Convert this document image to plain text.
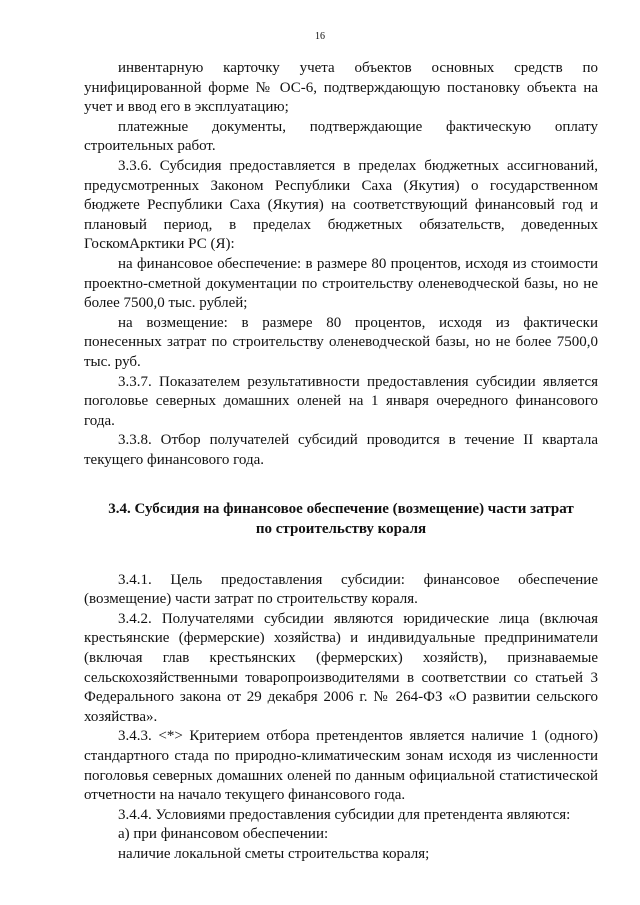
16

инвентарную карточку учета объектов основных средств по унифицированной форме № ОС-6, подтверждающую постановку объекта на учет и ввод его в эксплуатацию;

платежные документы, подтверждающие фактическую оплату строительных работ.

3.3.6. Субсидия предоставляется в пределах бюджетных ассигнований, предусмотренных Законом Республики Саха (Якутия) о государственном бюджете Республики Саха (Якутия) на соответствующий финансовый год и плановый период, в пределах бюджетных обязательств, доведенных ГоскомАрктики РС (Я):

на финансовое обеспечение: в размере 80 процентов, исходя из стоимости проектно-сметной документации по строительству оленеводческой базы, но не более 7500,0 тыс. рублей;

на возмещение: в размере 80 процентов, исходя из фактически понесенных затрат по строительству оленеводческой базы, но не более 7500,0 тыс. руб.

3.3.7. Показателем результативности предоставления субсидии является поголовье северных домашних оленей на 1 января очередного финансового года.

3.3.8. Отбор получателей субсидий проводится в течение II квартала текущего финансового года.

3.4. Субсидия на финансовое обеспечение (возмещение) части затрат

по строительству кораля

3.4.1. Цель предоставления субсидии: финансовое обеспечение (возмещение) части затрат по строительству кораля.

3.4.2. Получателями субсидии являются юридические лица (включая крестьянские (фермерские) хозяйства) и индивидуальные предприниматели (включая глав крестьянских (фермерских) хозяйств), признаваемые сельскохозяйственными товаропроизводителями в соответствии со статьей 3 Федерального закона от 29 декабря 2006 г. № 264-ФЗ «О развитии сельского хозяйства».

3.4.3. <*> Критерием отбора претендентов является наличие 1 (одного) стандартного стада по природно-климатическим зонам исходя из численности поголовья северных домашних оленей по данным официальной статистической отчетности на начало текущего финансового года.

3.4.4. Условиями предоставления субсидии для претендента являются:

а) при финансовом обеспечении:

наличие локальной сметы строительства кораля;
